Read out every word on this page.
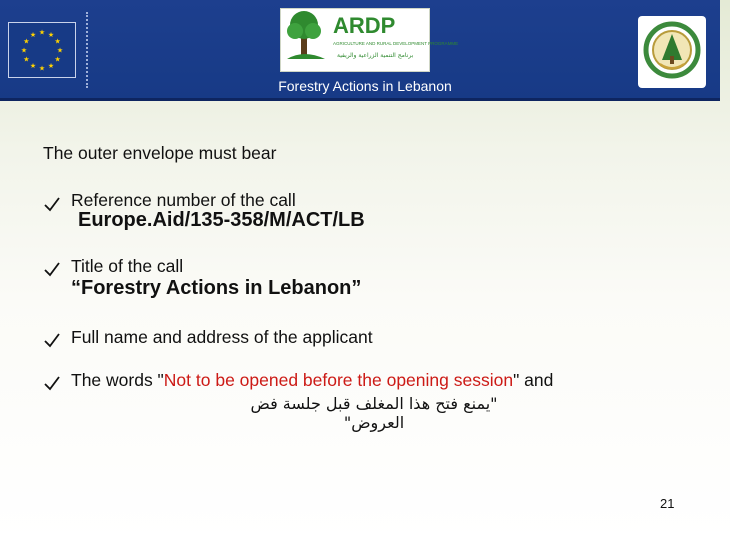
★ ★
★
★
★
★
★
★
★
★
★
★	ARDP
AGRICULTURE AND RURAL DEVELOPMENT PROGRAMME
برنامج التنمية الزراعية والريفية
Forestry Actions in Lebanon
The outer envelope must bear
Reference number of the call
Europe.Aid/135-358/M/ACT/LB
Title of the call
“Forestry Actions in Lebanon”
Full name and address of the applicant
The words "Not to be opened before the opening session" and
"يمنع فتح هذا المغلف قبل جلسة فض العروض"
21
